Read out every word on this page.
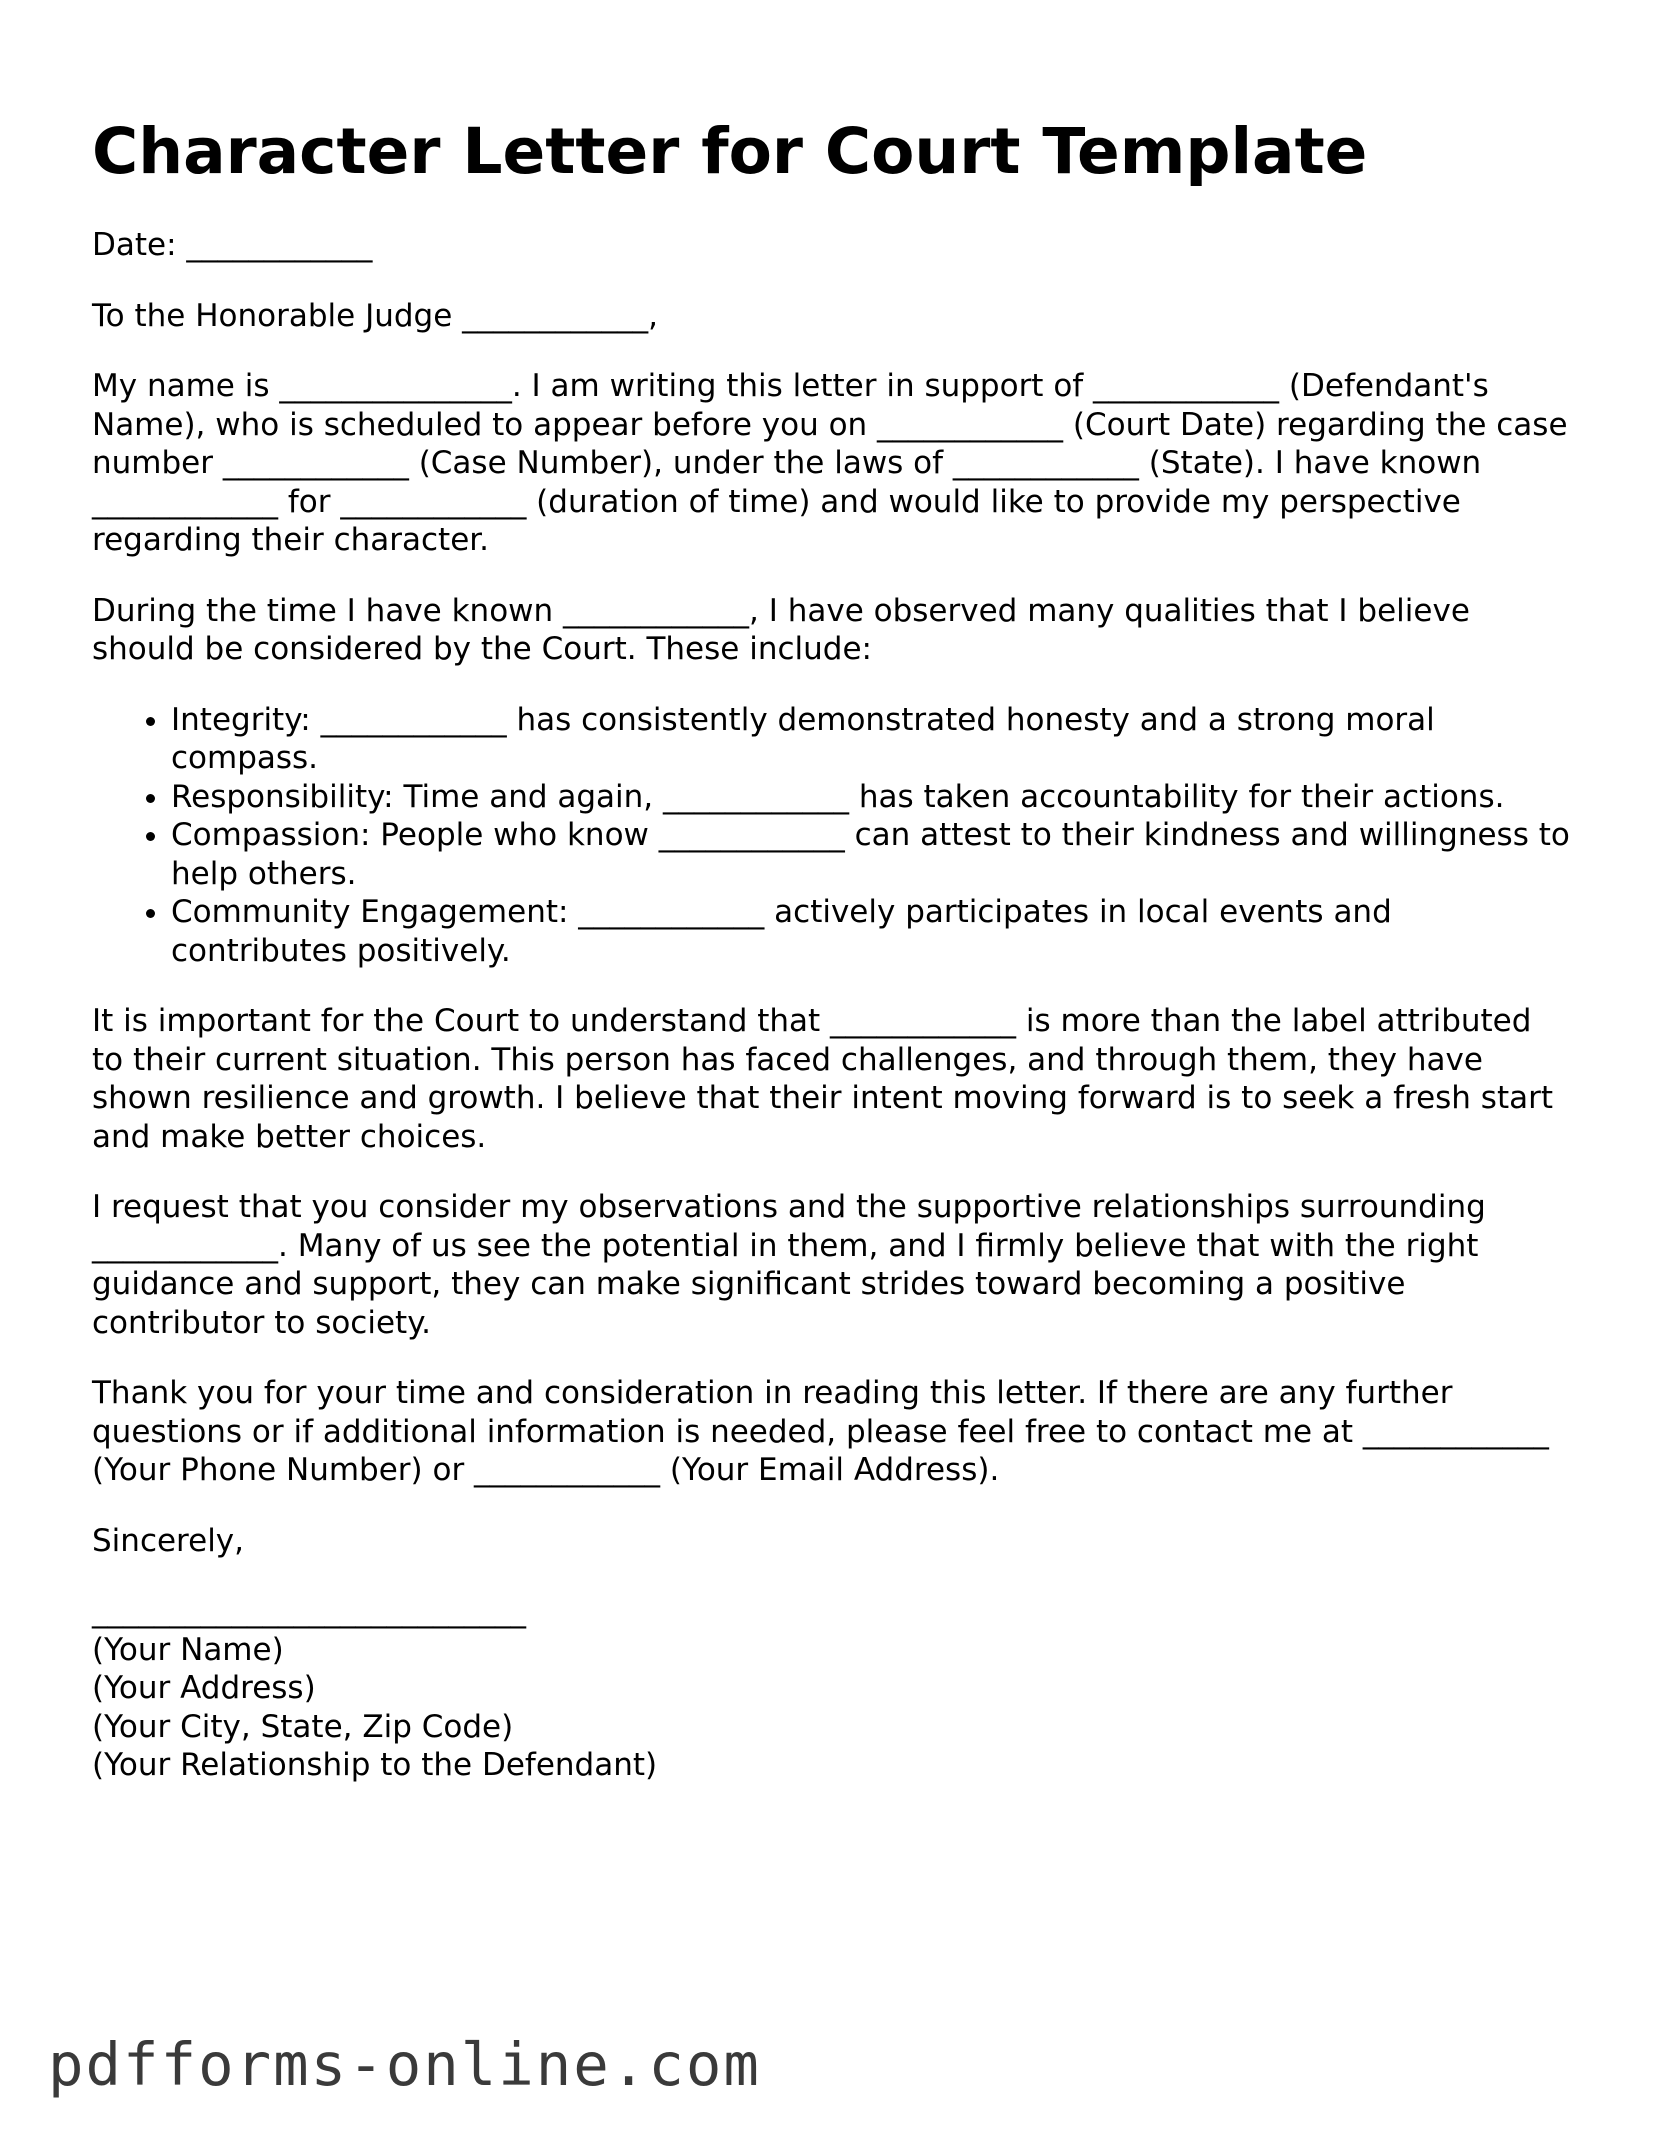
Character Letter for Court Template

Date: ____________

To the Honorable Judge ____________,

My name is _______________. I am writing this letter in support of ____________ (Defendant's Name), who is scheduled to appear before you on ____________ (Court Date) regarding the case number ____________ (Case Number), under the laws of ____________ (State). I have known ____________ for ____________ (duration of time) and would like to provide my perspective regarding their character.

During the time I have known ____________, I have observed many qualities that I believe should be considered by the Court. These include:

• Integrity: ____________ has consistently demonstrated honesty and a strong moral compass.
• Responsibility: Time and again, ____________ has taken accountability for their actions.
• Compassion: People who know ____________ can attest to their kindness and willingness to help others.
• Community Engagement: ____________ actively participates in local events and contributes positively.

It is important for the Court to understand that ____________ is more than the label attributed to their current situation. This person has faced challenges, and through them, they have shown resilience and growth. I believe that their intent moving forward is to seek a fresh start and make better choices.

I request that you consider my observations and the supportive relationships surrounding ____________. Many of us see the potential in them, and I firmly believe that with the right guidance and support, they can make significant strides toward becoming a positive contributor to society.

Thank you for your time and consideration in reading this letter. If there are any further questions or if additional information is needed, please feel free to contact me at ____________ (Your Phone Number) or ____________ (Your Email Address).

Sincerely,

____________________________

(Your Name)

(Your Address)

(Your City, State, Zip Code)

(Your Relationship to the Defendant)

pdfforms-online.com
